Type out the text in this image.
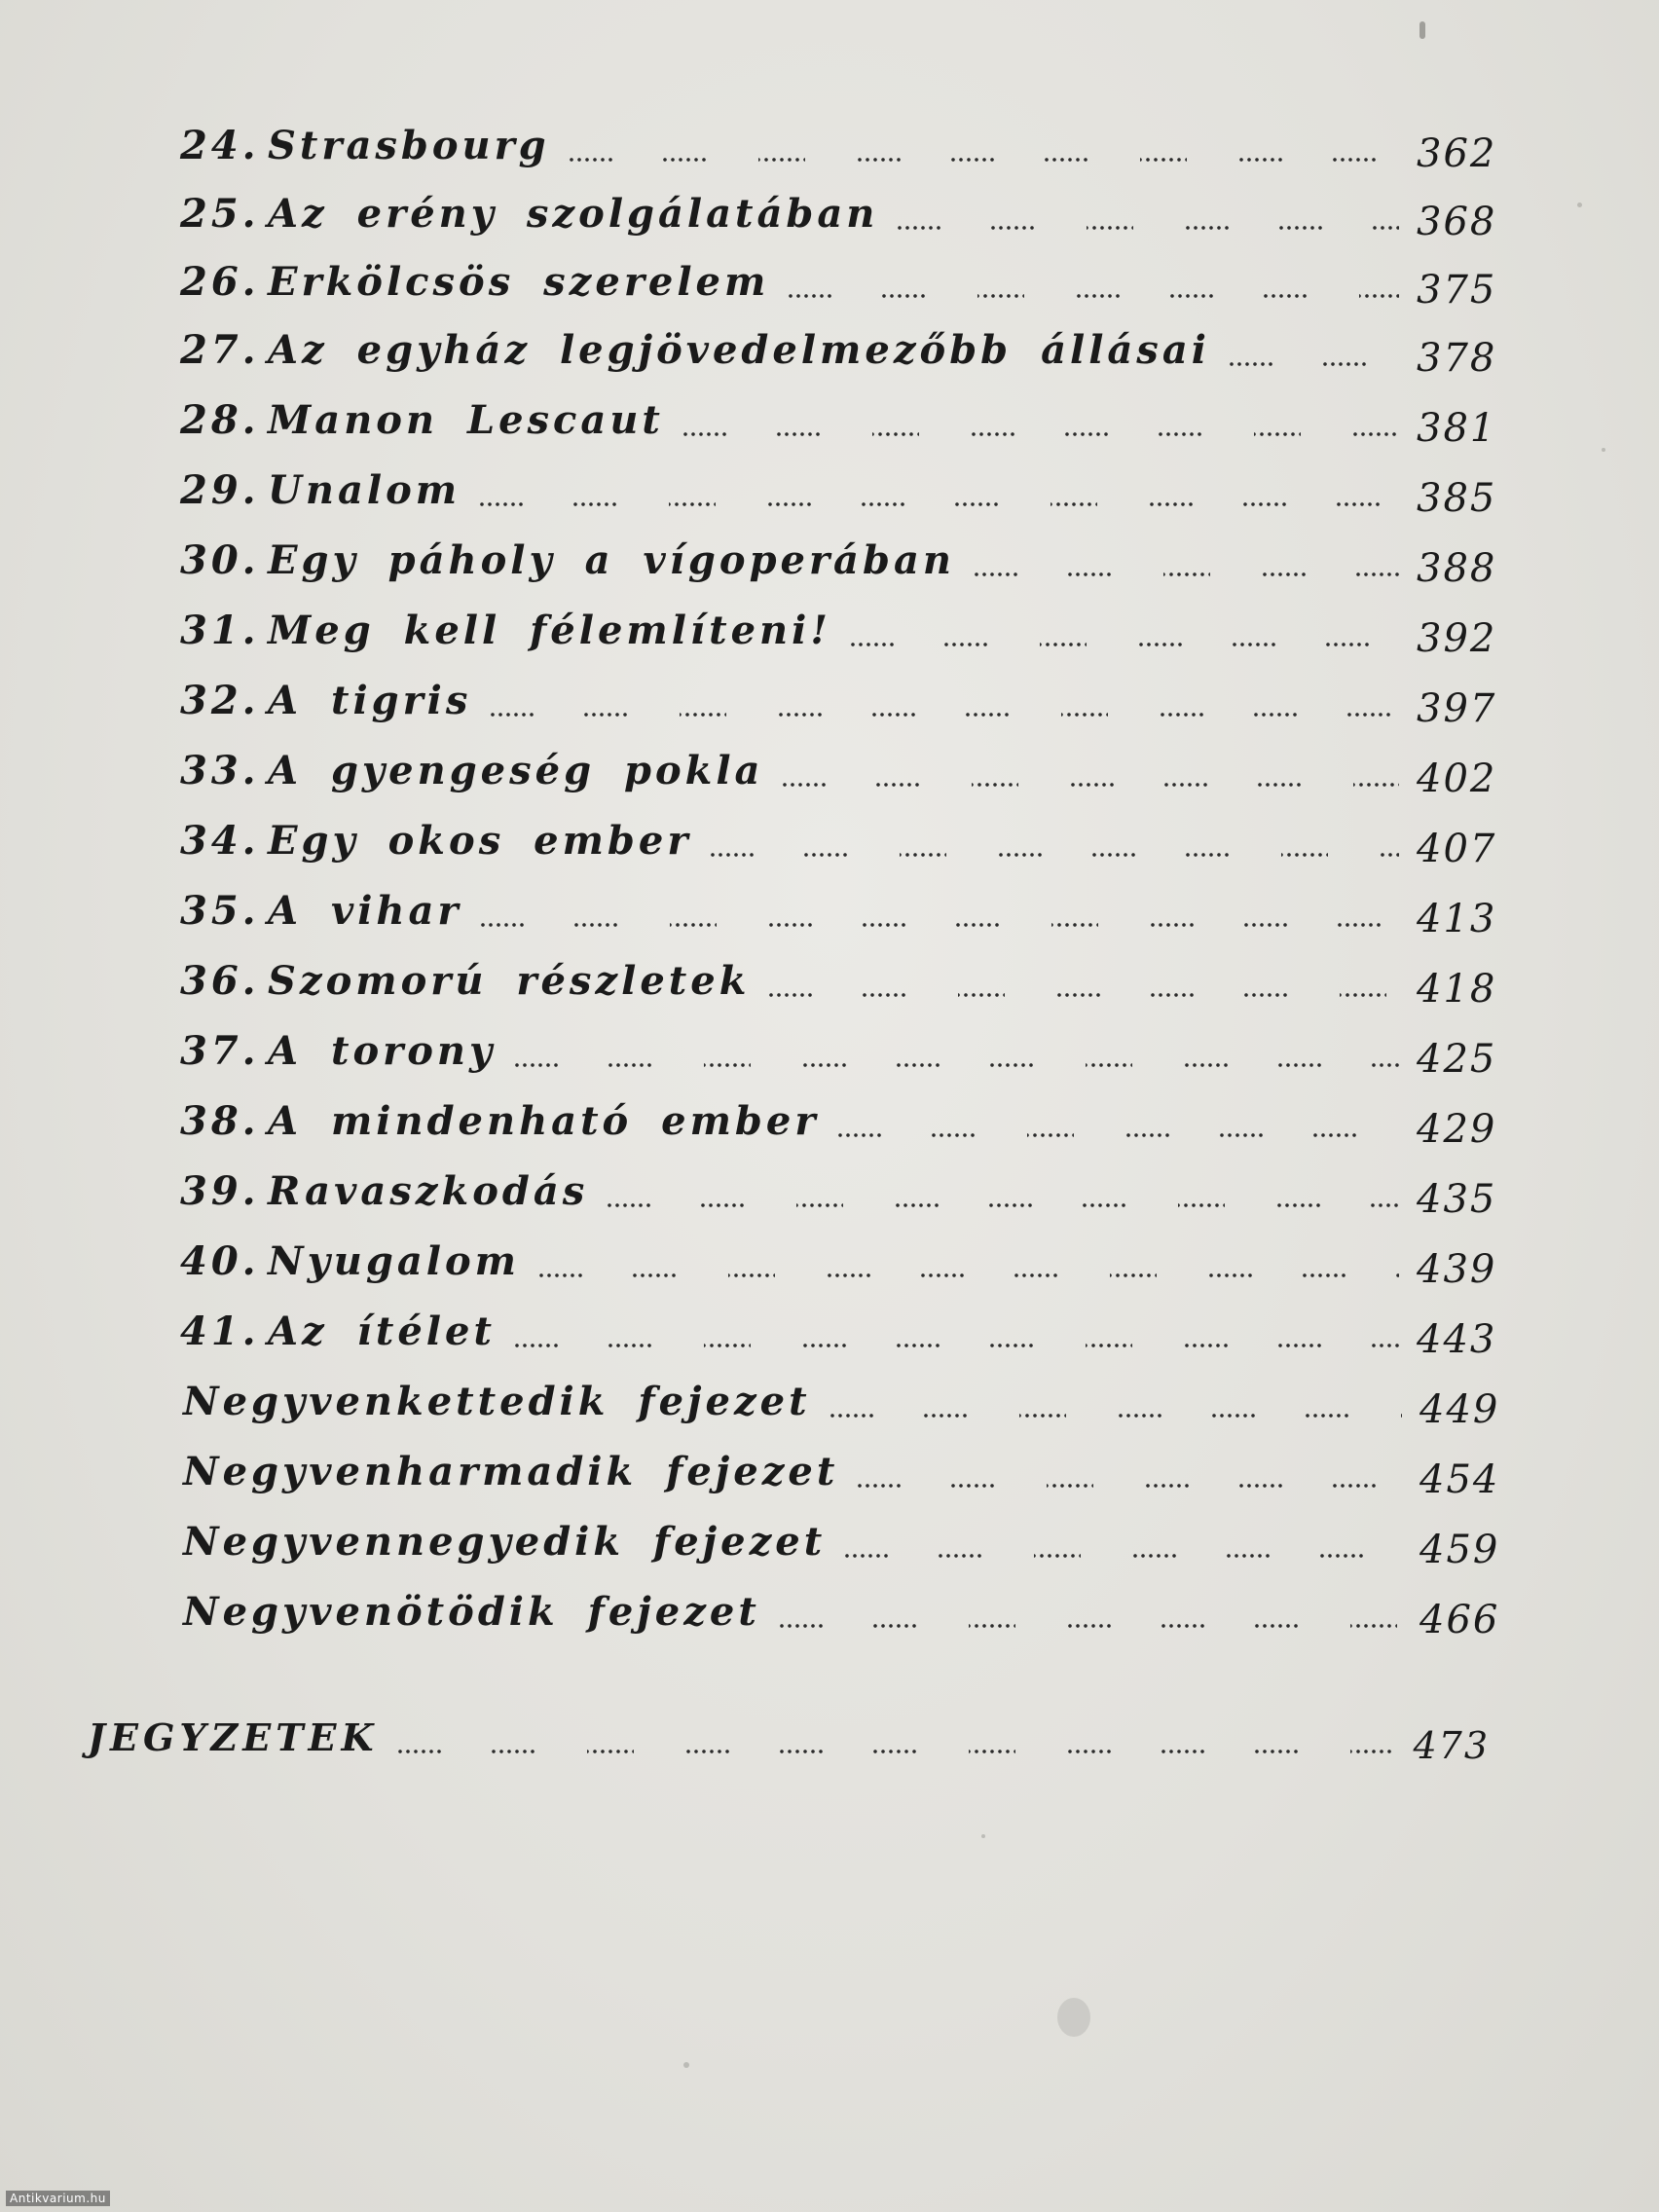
24. Strasbourg	362
25. Az erény szolgálatában	368
26. Erkölcsös szerelem	375
27. Az egyház legjövedelmezőbb állásai	378
28. Manon Lescaut	381
29. Unalom	385
30. Egy páholy a vígoperában	388
31. Meg kell félemlíteni!	392
32. A tigris	397
33. A gyengeség pokla	402
34. Egy okos ember	407
35. A vihar	413
36. Szomorú részletek	418
37. A torony	425
38. A mindenható ember	429
39. Ravaszkodás	435
40. Nyugalom	439
41. Az ítélet	443
Negyvenkettedik fejezet	449
Negyvenharmadik fejezet	454
Negyvennegyedik fejezet	459
Negyvenötödik fejezet	466
JEGYZETEK	473
Antikvarium.hu
